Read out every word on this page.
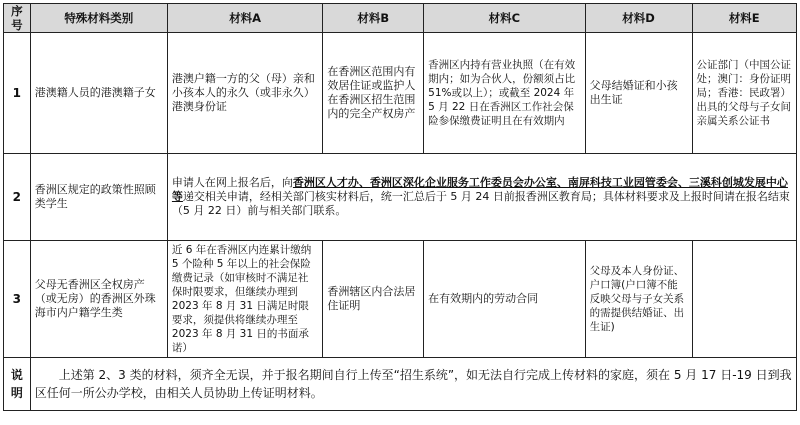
序号	特殊材料类别	材料A	材料B	材料C	材料D	材料E
1	港澳籍人员的港澳籍子女	港澳户籍一方的父（母）亲和小孩本人的永久（或非永久）港澳身份证	在香洲区范围内有效居住证或监护人在香洲区招生范围内的完全产权房产	香洲区内持有营业执照（在有效期内；如为合伙人，份额须占比 51%或以上）；或截至 2024 年 5 月 22 日在香洲区工作社会保险参保缴费证明且在有效期内	父母结婚证和小孩出生证	公证部门（中国公证处；澳门：身份证明局；香港：民政署）出具的父母与子女间亲属关系公证书
2	香洲区规定的政策性照顾类学生	申请人在网上报名后，向香洲区人才办、香洲区深化企业服务工作委员会办公室、南屏科技工业园管委会、三溪科创城发展中心等递交相关申请，经相关部门核实材料后，统一汇总后于 5 月 24 日前报香洲区教育局；具体材料要求及上报时间请在报名结束（5 月 22 日）前与相关部门联系。				
3	父母无香洲区全权房产（或无房）的香洲区外珠海市内户籍学生类	近 6 年在香洲区内连累计缴纳 5 个险种 5 年以上的社会保险缴费记录（如审核时不满足社保时限要求，但继续办理到 2023 年 8 月 31 日满足时限要求，须提供将继续办理至 2023 年 8 月 31 日的书面承诺）	香洲辖区内合法居住证明	在有效期内的劳动合同	父母及本人身份证、户口簿(户口簿不能反映父母与子女关系的需提供结婚证、出生证)	
说明	上述第 2、3 类的材料，须齐全无误，并于报名期间自行上传至“招生系统”，如无法自行完成上传材料的家庭，须在 5 月 17 日-19 日到我区任何一所公办学校，由相关人员协助上传证明材料。					
